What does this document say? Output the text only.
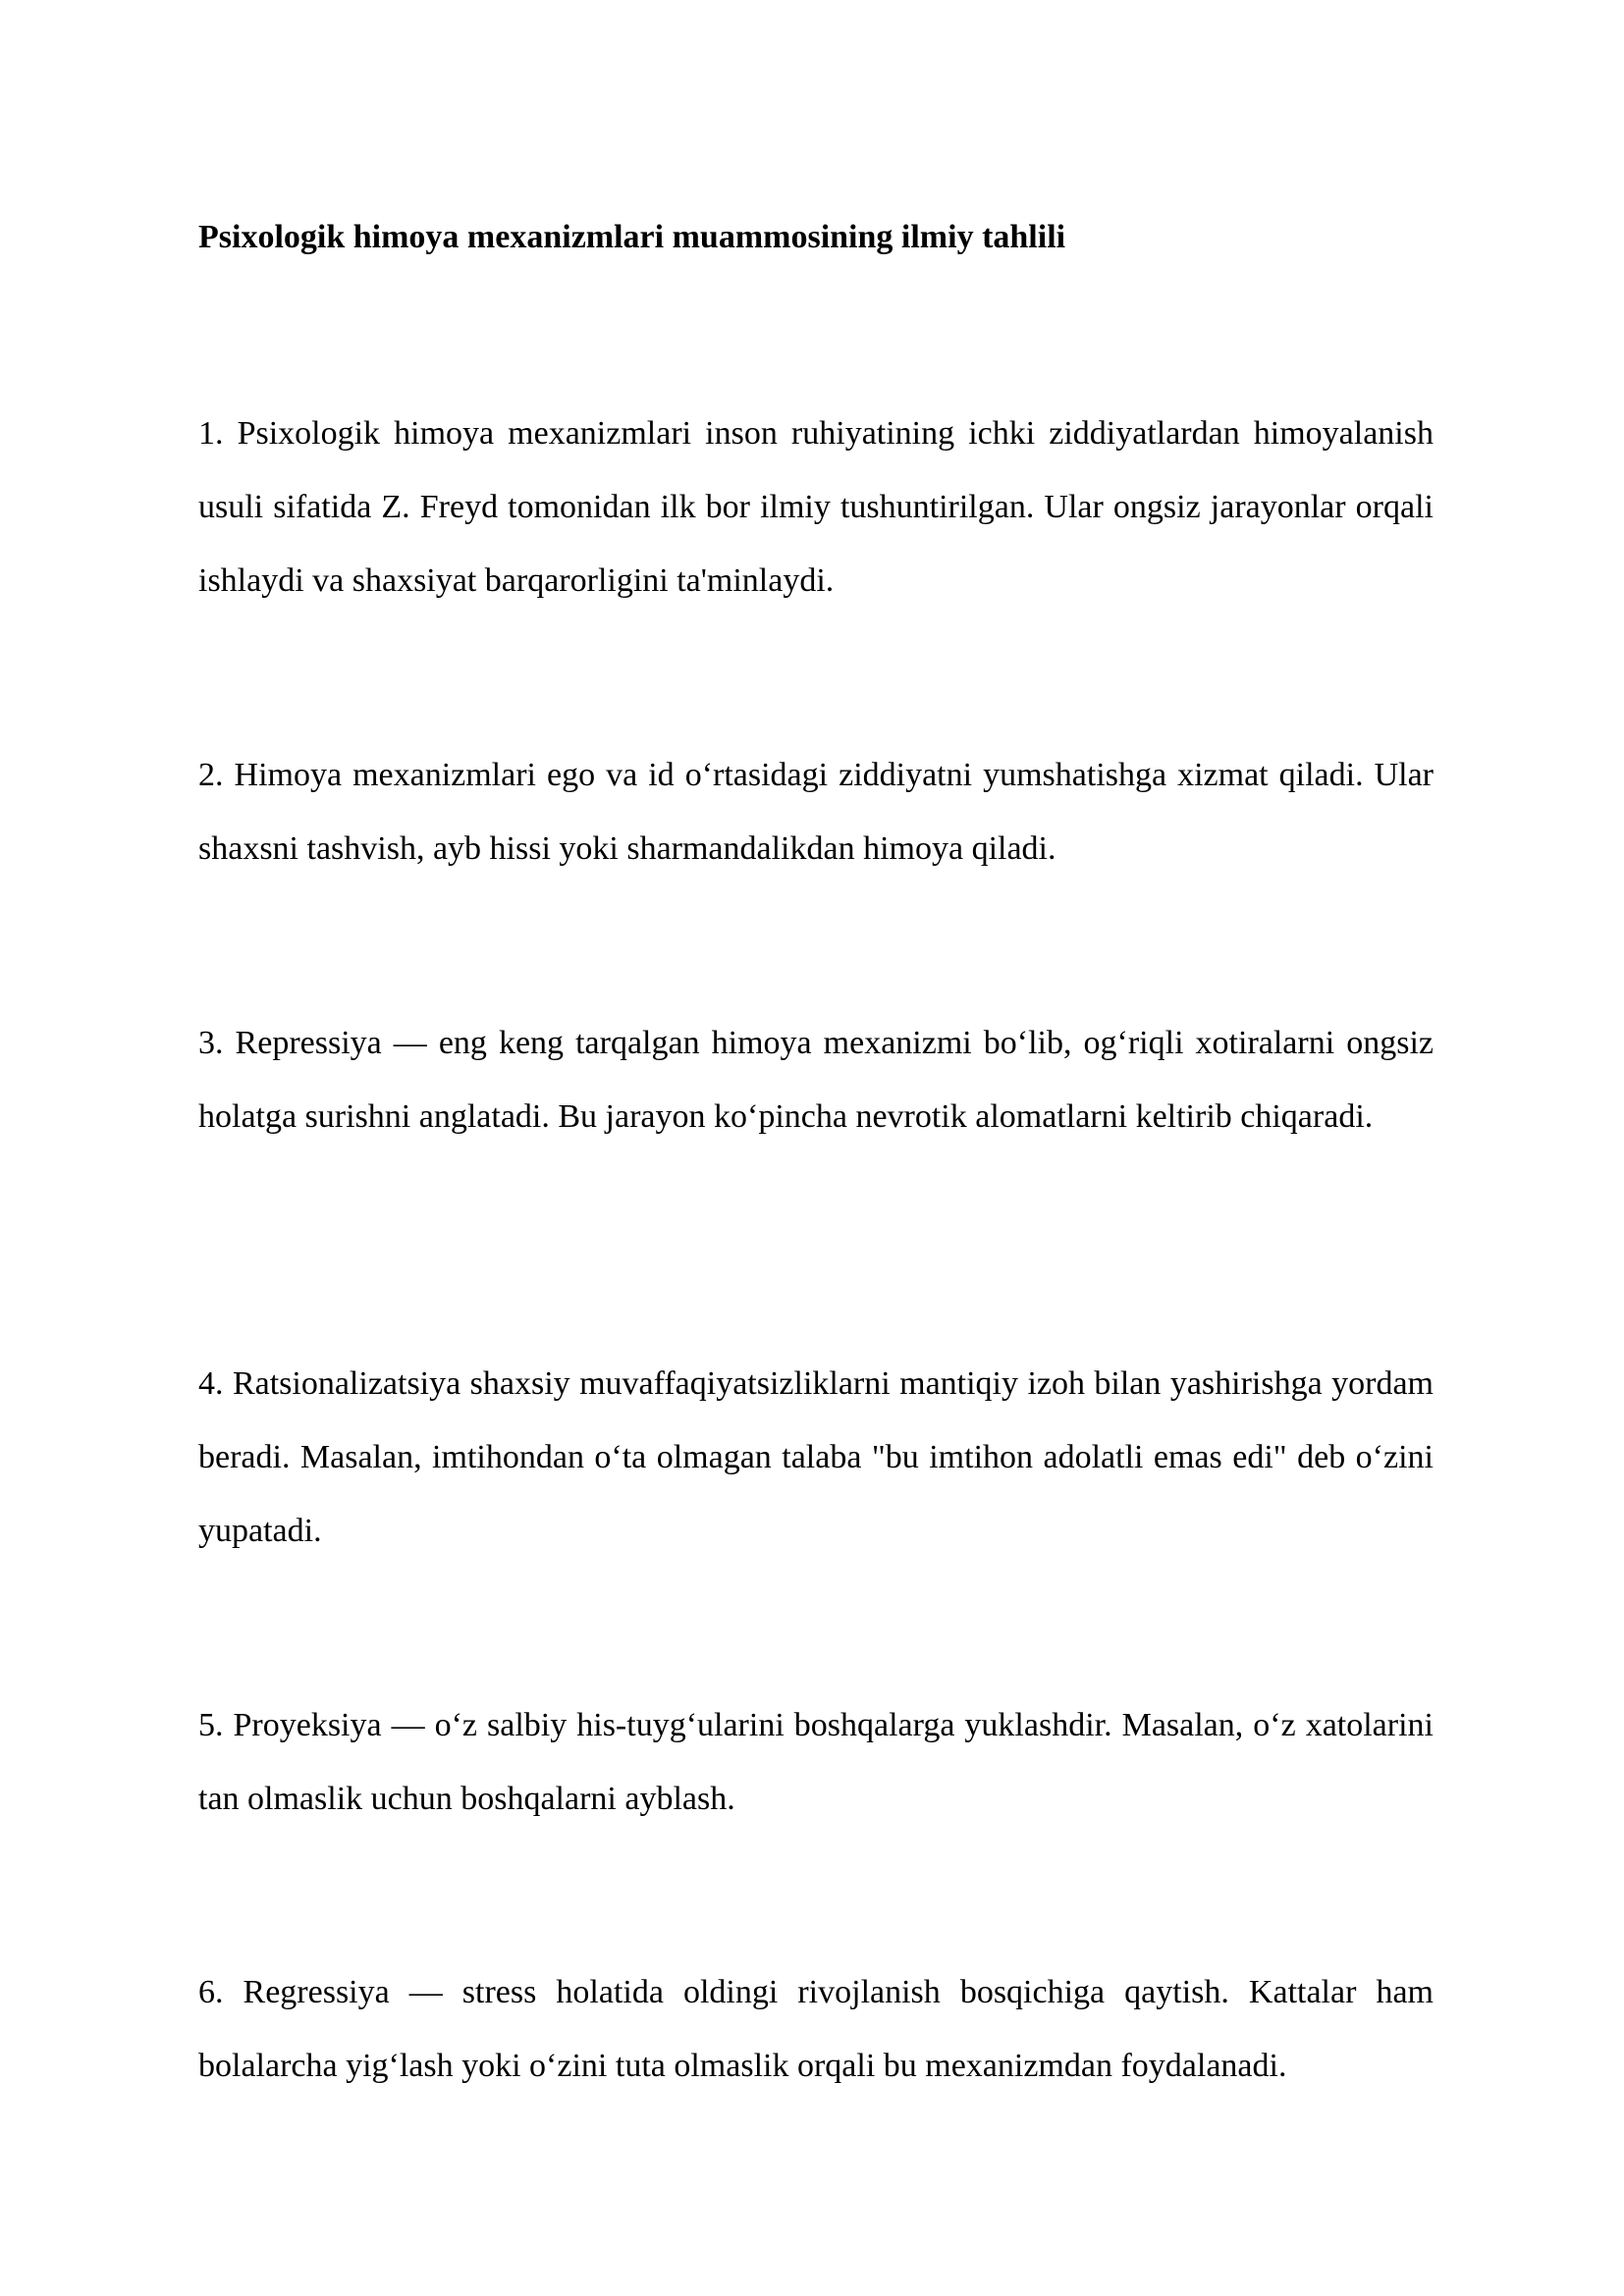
Psixologik himoya mexanizmlari muammosining ilmiy tahlili

1. Psixologik himoya mexanizmlari inson ruhiyatining ichki ziddiyatlardan himoyalanish usuli sifatida Z. Freyd tomonidan ilk bor ilmiy tushuntirilgan. Ular ongsiz jarayonlar orqali ishlaydi va shaxsiyat barqarorligini ta'minlaydi.

2. Himoya mexanizmlari ego va id o‘rtasidagi ziddiyatni yumshatishga xizmat qiladi. Ular shaxsni tashvish, ayb hissi yoki sharmandalikdan himoya qiladi.

3. Repressiya — eng keng tarqalgan himoya mexanizmi bo‘lib, og‘riqli xotiralarni ongsiz holatga surishni anglatadi. Bu jarayon ko‘pincha nevrotik alomatlarni keltirib chiqaradi.

4. Ratsionalizatsiya shaxsiy muvaffaqiyatsizliklarni mantiqiy izoh bilan yashirishga yordam beradi. Masalan, imtihondan o‘ta olmagan talaba "bu imtihon adolatli emas edi" deb o‘zini yupatadi.

5. Proyeksiya — o‘z salbiy his-tuyg‘ularini boshqalarga yuklashdir. Masalan, o‘z xatolarini tan olmaslik uchun boshqalarni ayblash.

6. Regressiya — stress holatida oldingi rivojlanish bosqichiga qaytish. Kattalar ham bolalarcha yig‘lash yoki o‘zini tuta olmaslik orqali bu mexanizmdan foydalanadi.
